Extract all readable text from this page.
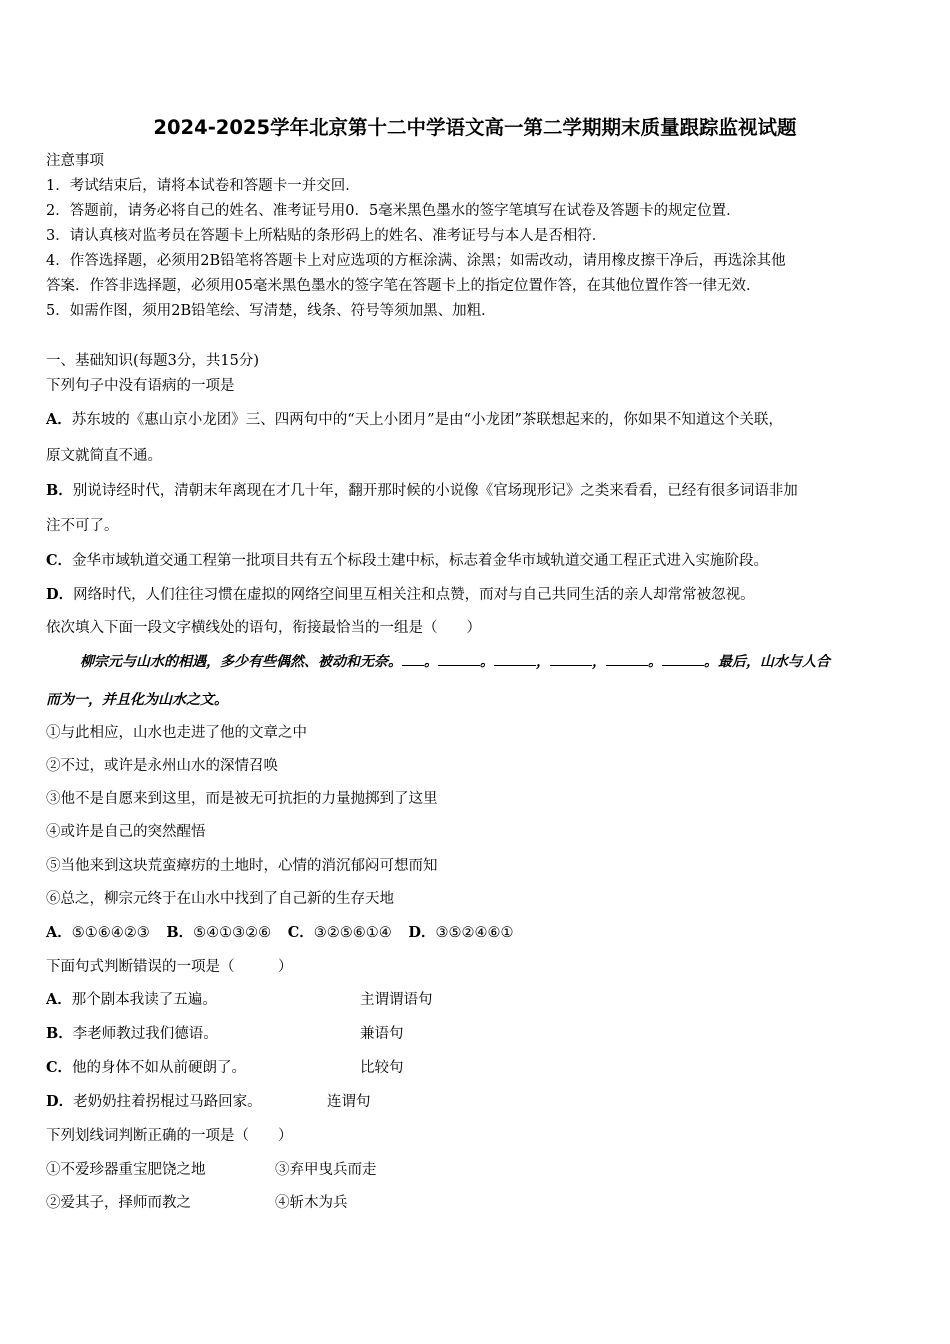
2024-2025学年北京第十二中学语文高一第二学期期末质量跟踪监视试题
注意事项
1．考试结束后，请将本试卷和答题卡一并交回．
2．答题前，请务必将自己的姓名、准考证号用0．5毫米黑色墨水的签字笔填写在试卷及答题卡的规定位置．
3．请认真核对监考员在答题卡上所粘贴的条形码上的姓名、准考证号与本人是否相符．
4．作答选择题，必须用2B铅笔将答题卡上对应选项的方框涂满、涂黑；如需改动，请用橡皮擦干净后，再选涂其他
答案．作答非选择题，必须用05毫米黑色墨水的签字笔在答题卡上的指定位置作答，在其他位置作答一律无效．
5．如需作图，须用2B铅笔绘、写清楚，线条、符号等须加黑、加粗．
一、基础知识(每题3分，共15分)
下列句子中没有语病的一项是
A．苏东坡的《惠山京小龙团》三、四两句中的“天上小团月”是由“小龙团”茶联想起来的，你如果不知道这个关联，
原文就简直不通。
B．别说诗经时代，清朝末年离现在才几十年，翻开那时候的小说像《官场现形记》之类来看看，已经有很多词语非加
注不可了。
C．金华市域轨道交通工程第一批项目共有五个标段土建中标，标志着金华市域轨道交通工程正式进入实施阶段。
D．网络时代，人们往往习惯在虚拟的网络空间里互相关注和点赞，而对与自己共同生活的亲人却常常被忽视。
依次填入下面一段文字横线处的语句，衔接最恰当的一组是（　　）
柳宗元与山水的相遇，多少有些偶然、被动和无奈。 。	。	，	，	。	。最后，山水与人合
而为一，并且化为山水之文。
①与此相应，山水也走进了他的文章之中
②不过，或许是永州山水的深情召唤
③他不是自愿来到这里，而是被无可抗拒的力量抛掷到了这里
④或许是自己的突然醒悟
⑤当他来到这块荒蛮瘴疠的土地时，心情的消沉郁闷可想而知
⑥总之，柳宗元终于在山水中找到了自己新的生存天地
A．⑤①⑥④②③ B．⑤④①③②⑥ C．③②⑤⑥①④ D．③⑤②④⑥①
下面句式判断错误的一项是（　　　）
A．那个剧本我读了五遍。	主谓谓语句
B．李老师教过我们德语。	兼语句
C．他的身体不如从前硬朗了。	比较句
D．老奶奶拄着拐棍过马路回家。	连谓句
下列划线词判断正确的一项是（　　）
①不爱珍器重宝肥饶之地	③弃甲曳兵而走
②爱其子，择师而教之	④斩木为兵
